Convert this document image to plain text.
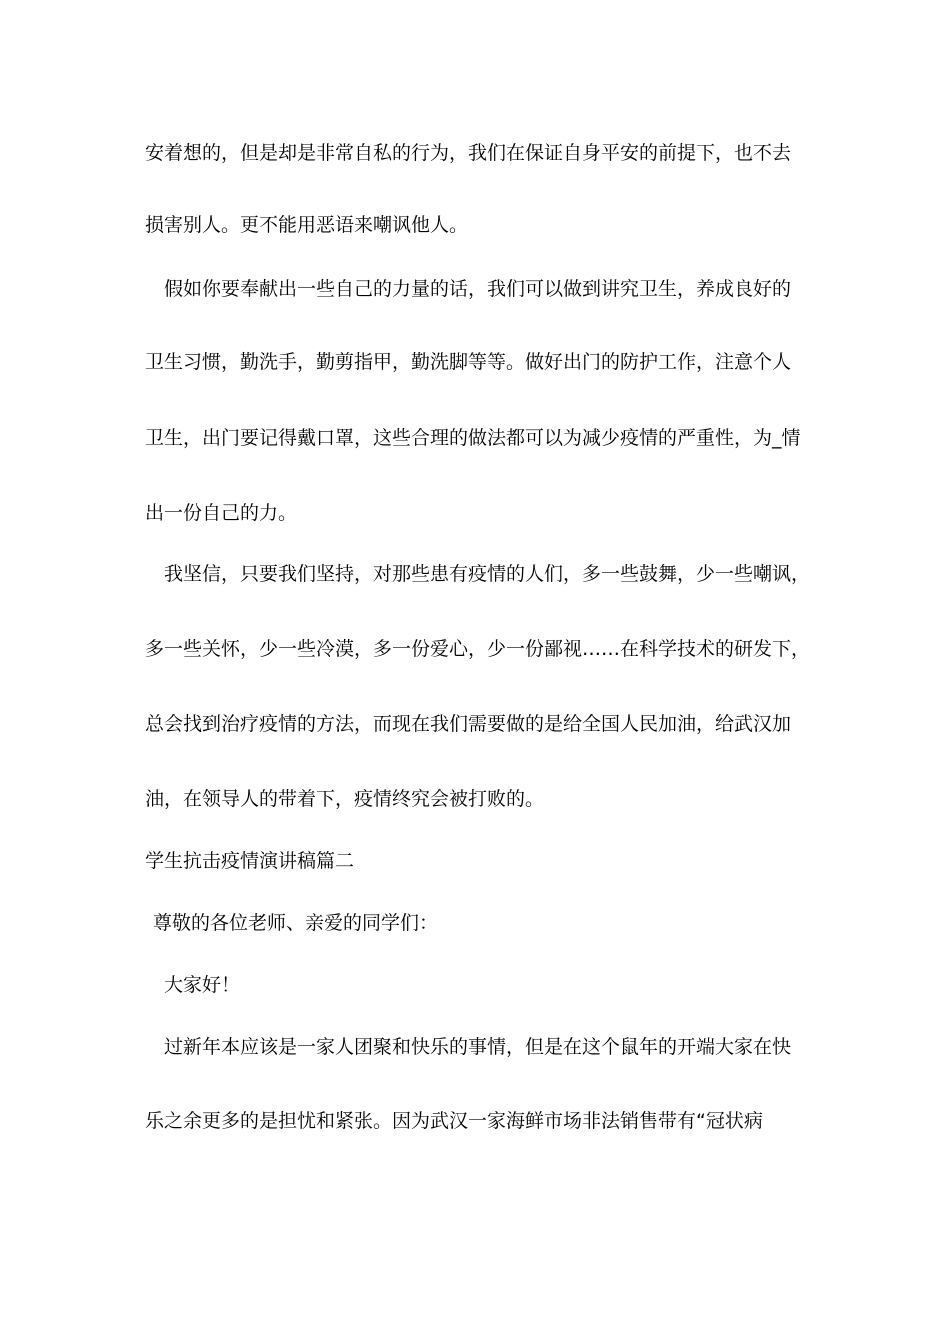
安着想的，但是却是非常自私的行为，我们在保证自身平安的前提下，也不去
损害别人。更不能用恶语来嘲讽他人。
假如你要奉献出一些自己的力量的话，我们可以做到讲究卫生，养成良好的
卫生习惯，勤洗手，勤剪指甲，勤洗脚等等。做好出门的防护工作，注意个人
卫生，出门要记得戴口罩，这些合理的做法都可以为减少疫情的严重性，为_情
出一份自己的力。
我坚信，只要我们坚持，对那些患有疫情的人们，多一些鼓舞，少一些嘲讽，
多一些关怀，少一些冷漠，多一份爱心，少一份鄙视……在科学技术的研发下，
总会找到治疗疫情的方法，而现在我们需要做的是给全国人民加油，给武汉加
油，在领导人的带着下，疫情终究会被打败的。
学生抗击疫情演讲稿篇二
尊敬的各位老师、亲爱的同学们：
大家好！
过新年本应该是一家人团聚和快乐的事情，但是在这个鼠年的开端大家在快
乐之余更多的是担忧和紧张。因为武汉一家海鲜市场非法销售带有“冠状病
